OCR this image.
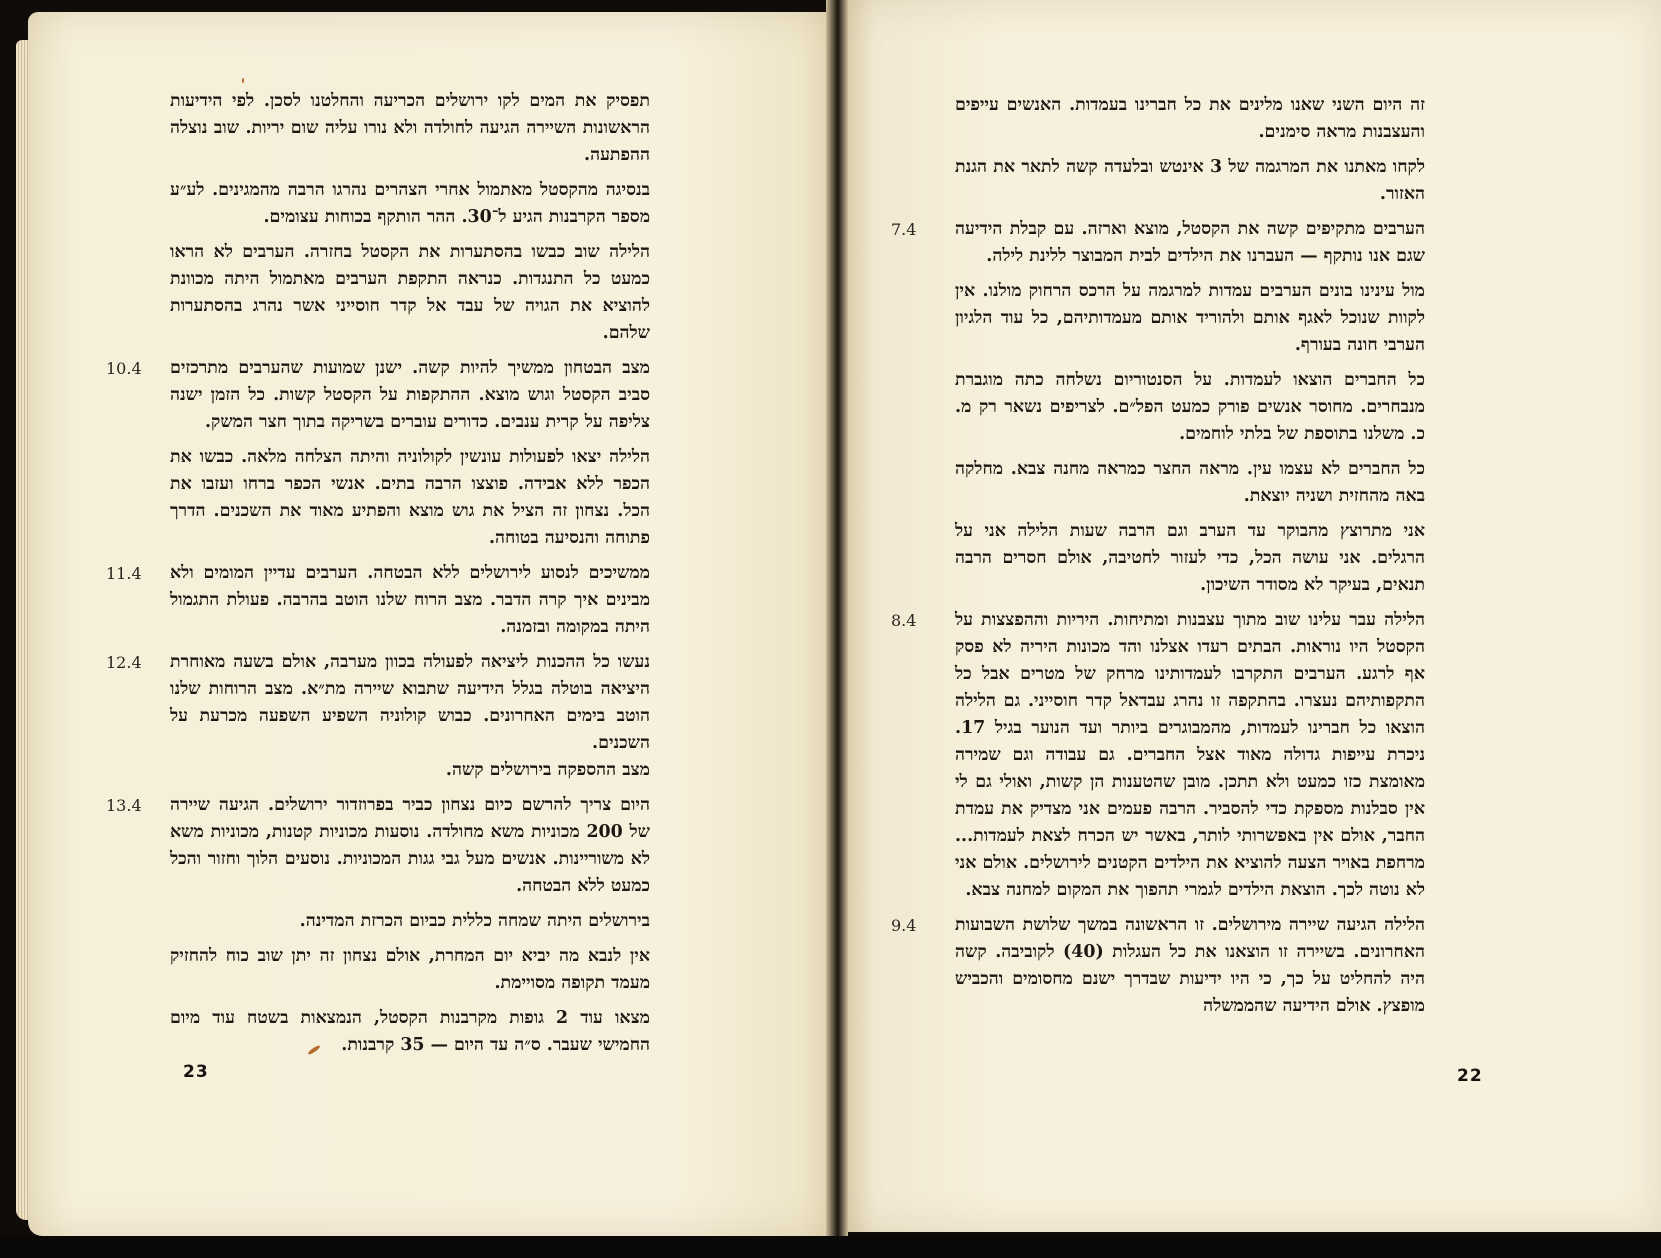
תפסיק את המים לקו ירושלים הכריעה והחלטנו לסכן. לפי הידיעות הראשונות השיירה הגיעה לחולדה ולא נורו עליה שום יריות. שוב נוצלה ההפתעה.
בנסיגה מהקסטל מאתמול אחרי הצהרים נהרגו הרבה מהמגינים. לע״ע מספר הקרבנות הגיע ל־30. ההר הותקף בכוחות עצומים.
הלילה שוב כבשו בהסתערות את הקסטל בחזרה. הערבים לא הראו כמעט כל התנגדות. כנראה התקפת הערבים מאתמול היתה מכוונת להוציא את הגויה של עבד אל קדר חוסייני אשר נהרג בהסתערות שלהם.
10.4 מצב הבטחון ממשיך להיות קשה. ישנן שמועות שהערבים מתרכזים סביב הקסטל וגוש מוצא. ההתקפות על הקסטל קשות. כל הזמן ישנה צליפה על קרית ענבים. כדורים עוברים בשריקה בתוך חצר המשק.
הלילה יצאו לפעולות עונשין לקולוניה והיתה הצלחה מלאה. כבשו את הכפר ללא אבידה. פוצצו הרבה בתים. אנשי הכפר ברחו ועזבו את הכל. נצחון זה הציל את גוש מוצא והפתיע מאוד את השכנים. הדרך פתוחה והנסיעה בטוחה.
11.4 ממשיכים לנסוע לירושלים ללא הבטחה. הערבים עדיין המומים ולא מבינים איך קרה הדבר. מצב הרוח שלנו הוטב בהרבה. פעולת התגמול היתה במקומה ובזמנה.
12.4 נעשו כל ההכנות ליציאה לפעולה בכוון מערבה, אולם בשעה מאוחרת היציאה בוטלה בגלל הידיעה שתבוא שיירה מת״א. מצב הרוחות שלנו הוטב בימים האחרונים. כבוש קולוניה השפיע השפעה מכרעת על השכנים.
מצב ההספקה בירושלים קשה.
13.4 היום צריך להרשם כיום נצחון כביר בפרוזדור ירושלים. הגיעה שיירה של 200 מכוניות משא מחולדה. נוסעות מכוניות קטנות, מכוניות משא לא משוריינות. אנשים מעל גבי גגות המכוניות. נוסעים הלוך וחזור והכל כמעט ללא הבטחה.
בירושלים היתה שמחה כללית כביום הכרזת המדינה.
אין לנבא מה יביא יום המחרת, אולם נצחון זה יתן שוב כוח להחזיק מעמד תקופה מסויימת.
מצאו עוד 2 גופות מקרבנות הקסטל, הנמצאות בשטח עוד מיום החמישי שעבר. ס״ה עד היום — 35 קרבנות.
זה היום השני שאנו מלינים את כל חברינו בעמדות. האנשים עייפים והעצבנות מראה סימנים.
לקחו מאתנו את המרגמה של 3 אינטש ובלעדה קשה לתאר את הגנת האזור.
7.4 הערבים מתקיפים קשה את הקסטל, מוצא וארזה. עם קבלת הידיעה שגם אנו נותקף — העברנו את הילדים לבית המבוצר ללינת לילה.
מול עינינו בונים הערבים עמדות למרגמה על הרכס הרחוק מולנו. אין לקוות שנוכל לאגף אותם ולהוריד אותם מעמדותיהם, כל עוד הלגיון הערבי חונה בעורף.
כל החברים הוצאו לעמדות. על הסנטוריום נשלחה כתה מוגברת מנבחרים. מחוסר אנשים פורק כמעט הפל״ם. לצריפים נשאר רק מ. כ. משלנו בתוספת של בלתי לוחמים.
כל החברים לא עצמו עין. מראה החצר כמראה מחנה צבא. מחלקה באה מהחזית ושניה יוצאת.
אני מתרוצץ מהבוקר עד הערב וגם הרבה שעות הלילה אני על הרגלים. אני עושה הכל, כדי לעזור לחטיבה, אולם חסרים הרבה תנאים, בעיקר לא מסודר השיכון.
8.4 הלילה עבר עלינו שוב מתוך עצבנות ומתיחות. היריות וההפצצות על הקסטל היו נוראות. הבתים רעדו אצלנו והד מכונות היריה לא פסק אף לרגע. הערבים התקרבו לעמדותינו מרחק של מטרים אבל כל התקפותיהם נעצרו. בהתקפה זו נהרג עבדאל קדר חוסייני. גם הלילה הוצאו כל חברינו לעמדות, מהמבוגרים ביותר ועד הנוער בגיל 17. ניכרת עייפות גדולה מאוד אצל החברים. גם עבודה וגם שמירה מאומצת כזו כמעט ולא תתכן. מובן שהטענות הן קשות, ואולי גם לי אין סבלנות מספקת כדי להסביר. הרבה פעמים אני מצדיק את עמדת החבר, אולם אין באפשרותי לותר, באשר יש הכרח לצאת לעמדות... מרחפת באויר הצעה להוציא את הילדים הקטנים לירושלים. אולם אני לא נוטה לכך. הוצאת הילדים לגמרי תהפוך את המקום למחנה צבא.
9.4 הלילה הגיעה שיירה מירושלים. זו הראשונה במשך שלושת השבועות האחרונים. בשיירה זו הוצאנו את כל העגלות (40) לקוביבה. קשה היה להחליט על כך, כי היו ידיעות שבדרך ישנם מחסומים והכביש מופצץ. אולם הידיעה שהממשלה
23	22
